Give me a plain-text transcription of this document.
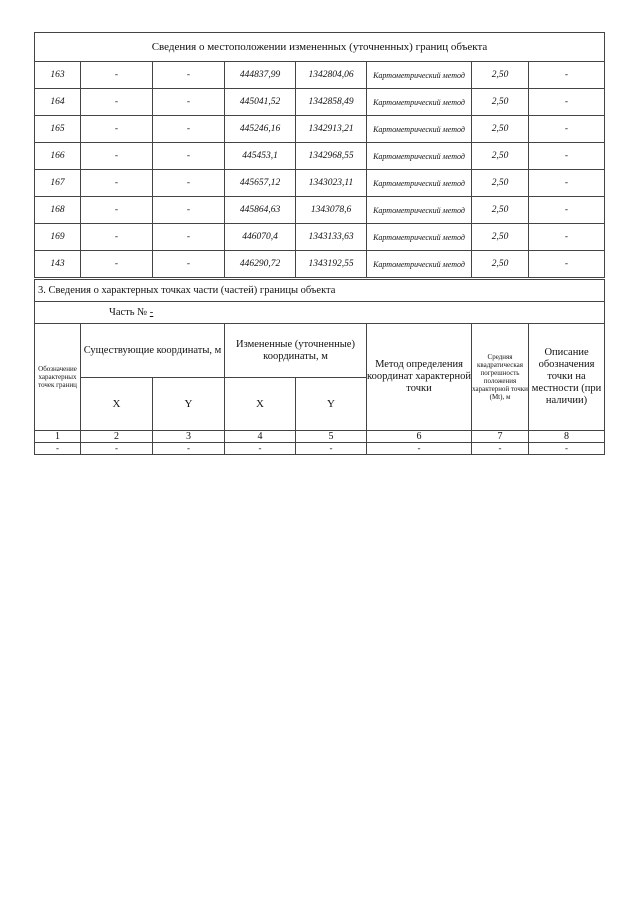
Сведения о местоположении измененных (уточненных) границ объекта							
163	-	-	444837,99	1342804,06	Картометрический метод	2,50	-
164	-	-	445041,52	1342858,49	Картометрический метод	2,50	-
165	-	-	445246,16	1342913,21	Картометрический метод	2,50	-
166	-	-	445453,1	1342968,55	Картометрический метод	2,50	-
167	-	-	445657,12	1343023,11	Картометрический метод	2,50	-
168	-	-	445864,63	1343078,6	Картометрический метод	2,50	-
169	-	-	446070,4	1343133,63	Картометрический метод	2,50	-
143	-	-	446290,72	1343192,55	Картометрический метод	2,50	-
3. Сведения о характерных точках части (частей) границы объекта							
Часть № -							
Обозначение характерных точек границ	Существующие координаты, м		Измененные (уточненные) координаты, м		Метод определения координат характерной точки	Средняя квадратическая погрешность положения характерной точки (Mt), м	Описание обозначения точки на местности (при наличии)
	X	Y	X	Y			
1	2	3	4	5	6	7	8
-	-	-	-	-	-	-	-
